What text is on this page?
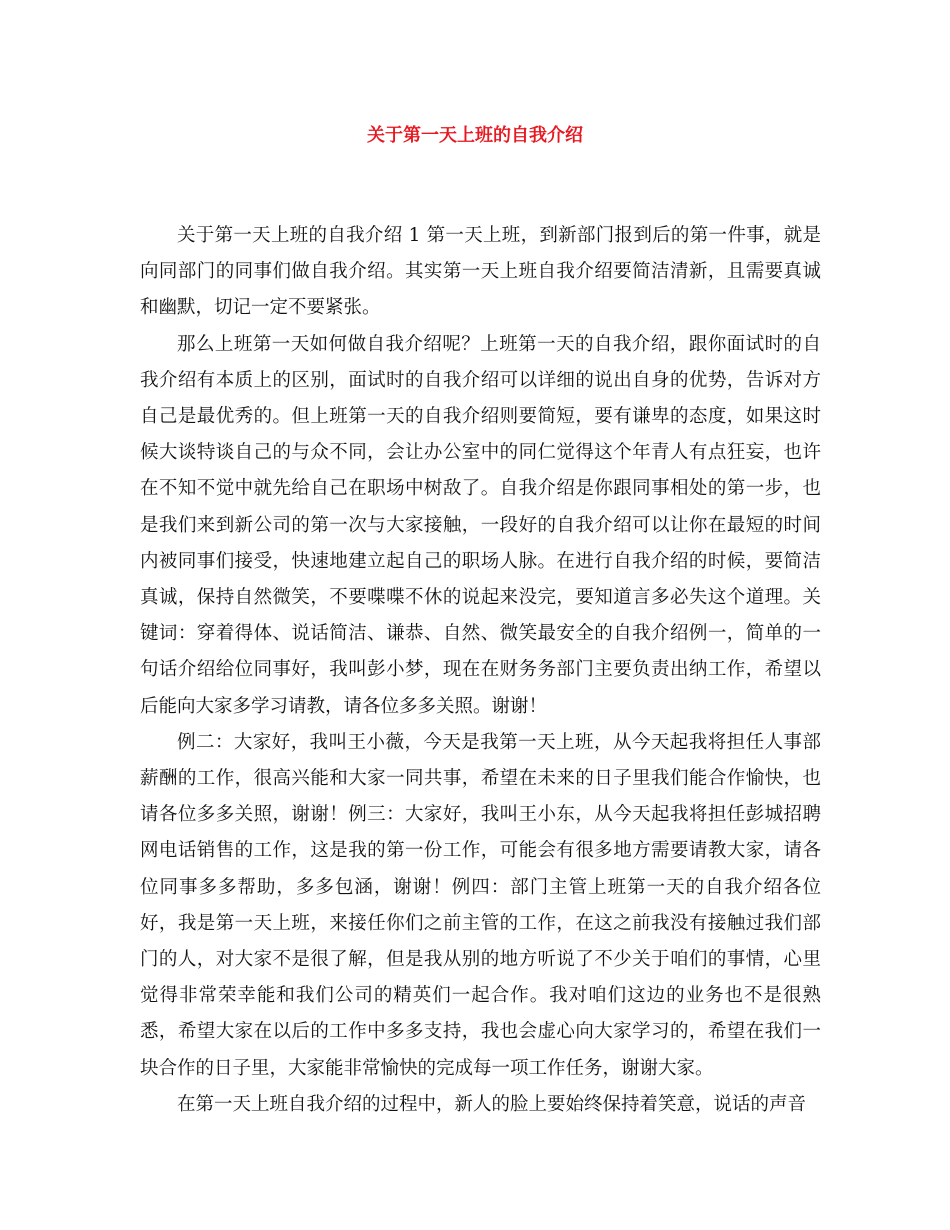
关于第一天上班的自我介绍

关于第一天上班的自我介绍 1 第一天上班，到新部门报到后的第一件事，就是向同部门的同事们做自我介绍。其实第一天上班自我介绍要简洁清新，且需要真诚和幽默，切记一定不要紧张。

那么上班第一天如何做自我介绍呢？上班第一天的自我介绍，跟你面试时的自我介绍有本质上的区别，面试时的自我介绍可以详细的说出自身的优势，告诉对方自己是最优秀的。但上班第一天的自我介绍则要简短，要有谦卑的态度，如果这时候大谈特谈自己的与众不同，会让办公室中的同仁觉得这个年青人有点狂妄，也许在不知不觉中就先给自己在职场中树敌了。自我介绍是你跟同事相处的第一步，也是我们来到新公司的第一次与大家接触，一段好的自我介绍可以让你在最短的时间内被同事们接受，快速地建立起自己的职场人脉。在进行自我介绍的时候，要简洁真诚，保持自然微笑，不要喋喋不休的说起来没完，要知道言多必失这个道理。关键词：穿着得体、说话简洁、谦恭、自然、微笑最安全的自我介绍例一，简单的一句话介绍给位同事好，我叫彭小梦，现在在财务务部门主要负责出纳工作，希望以后能向大家多学习请教，请各位多多关照。谢谢！

例二：大家好，我叫王小薇，今天是我第一天上班，从今天起我将担任人事部薪酬的工作，很高兴能和大家一同共事，希望在未来的日子里我们能合作愉快，也请各位多多关照，谢谢！例三：大家好，我叫王小东，从今天起我将担任彭城招聘网电话销售的工作，这是我的第一份工作，可能会有很多地方需要请教大家，请各位同事多多帮助，多多包涵，谢谢！例四：部门主管上班第一天的自我介绍各位好，我是第一天上班，来接任你们之前主管的工作，在这之前我没有接触过我们部门的人，对大家不是很了解，但是我从别的地方听说了不少关于咱们的事情，心里觉得非常荣幸能和我们公司的精英们一起合作。我对咱们这边的业务也不是很熟悉，希望大家在以后的工作中多多支持，我也会虚心向大家学习的，希望在我们一块合作的日子里，大家能非常愉快的完成每一项工作任务，谢谢大家。

在第一天上班自我介绍的过程中，新人的脸上要始终保持着笑意，说话的声音
